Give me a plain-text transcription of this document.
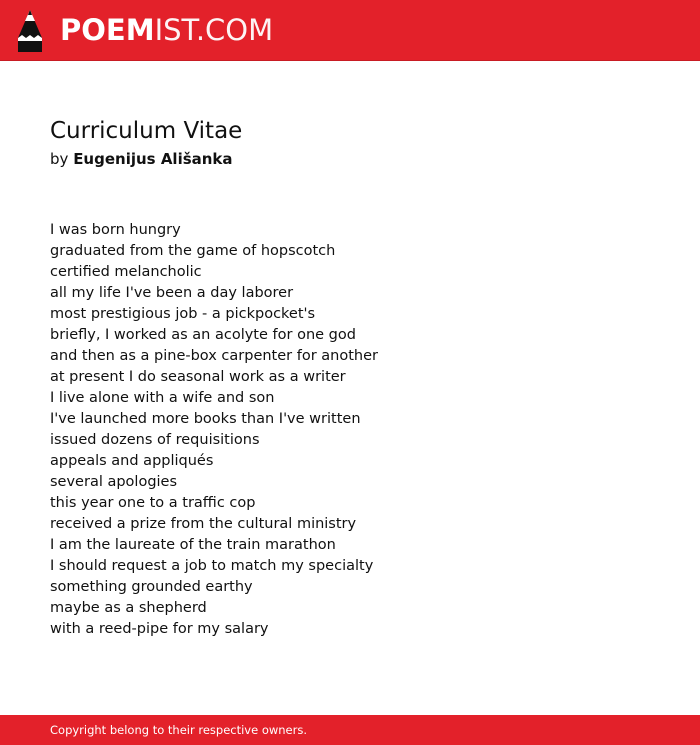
POEMIST.COM
Curriculum Vitae
by Eugenijus Ališanka
I was born hungry
graduated from the game of hopscotch
certified melancholic
all my life I've been a day laborer
most prestigious job - a pickpocket's
briefly, I worked as an acolyte for one god
and then as a pine-box carpenter for another
at present I do seasonal work as a writer
I live alone with a wife and son
I've launched more books than I've written
issued dozens of requisitions
appeals and appliqués
several apologies
this year one to a traffic cop
received a prize from the cultural ministry
I am the laureate of the train marathon
I should request a job to match my specialty
something grounded earthy
maybe as a shepherd
with a reed-pipe for my salary
Copyright belong to their respective owners.
